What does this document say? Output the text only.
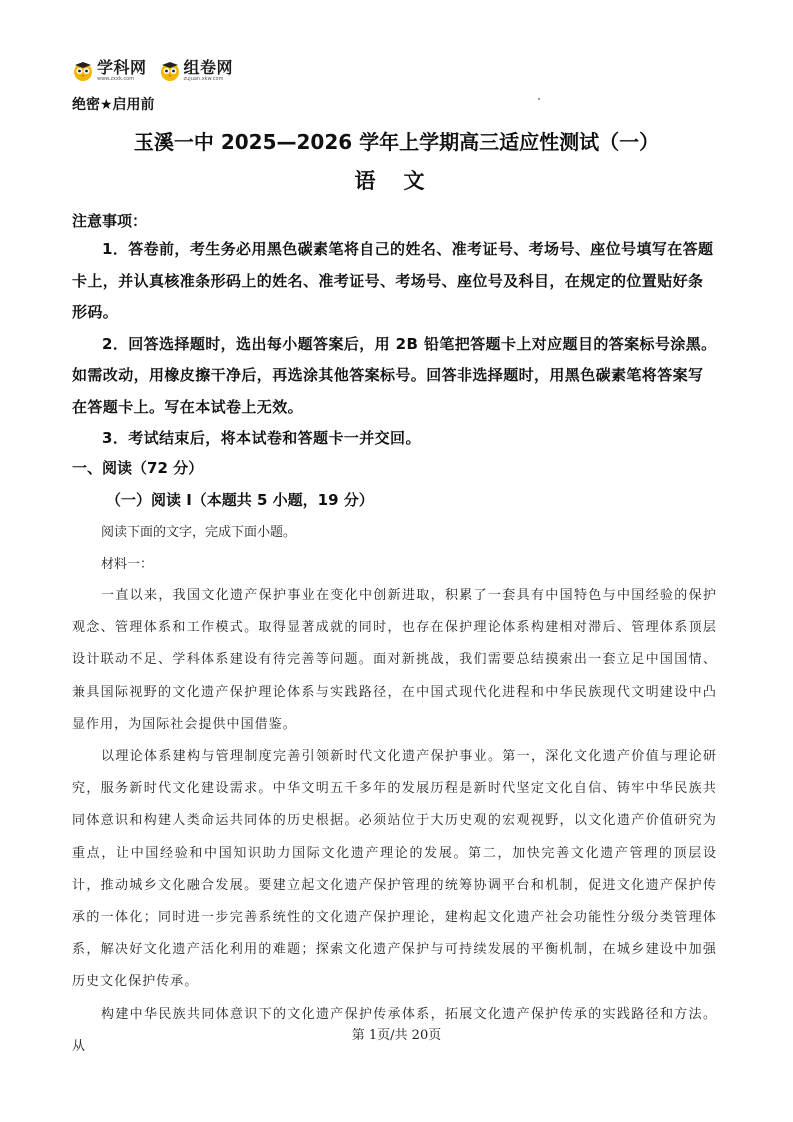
学科网
www.zxxk.com
组卷网
zujuan.xkw.com
绝密★启用前
玉溪一中 2025—2026 学年上学期高三适应性测试（一）
语文
注意事项：

1．答卷前，考生务必用黑色碳素笔将自己的姓名、准考证号、考场号、座位号填写在答题卡上，并认真核准条形码上的姓名、准考证号、考场号、座位号及科目，在规定的位置贴好条形码。

2．回答选择题时，选出每小题答案后，用 2B 铅笔把答题卡上对应题目的答案标号涂黑。如需改动，用橡皮擦干净后，再选涂其他答案标号。回答非选择题时，用黑色碳素笔将答案写在答题卡上。写在本试卷上无效。

3．考试结束后，将本试卷和答题卡一并交回。

一、阅读（72 分）
（一）阅读 I（本题共 5 小题，19 分）
阅读下面的文字，完成下面小题。
材料一：

一直以来，我国文化遗产保护事业在变化中创新进取，积累了一套具有中国特色与中国经验的保护观念、管理体系和工作模式。取得显著成就的同时，也存在保护理论体系构建相对滞后、管理体系顶层设计联动不足、学科体系建设有待完善等问题。面对新挑战，我们需要总结摸索出一套立足中国国情、兼具国际视野的文化遗产保护理论体系与实践路径，在中国式现代化进程和中华民族现代文明建设中凸显作用，为国际社会提供中国借鉴。

以理论体系建构与管理制度完善引领新时代文化遗产保护事业。第一，深化文化遗产价值与理论研究，服务新时代文化建设需求。中华文明五千多年的发展历程是新时代坚定文化自信、铸牢中华民族共同体意识和构建人类命运共同体的历史根据。必须站位于大历史观的宏观视野，以文化遗产价值研究为重点，让中国经验和中国知识助力国际文化遗产理论的发展。第二，加快完善文化遗产管理的顶层设计，推动城乡文化融合发展。要建立起文化遗产保护管理的统筹协调平台和机制，促进文化遗产保护传承的一体化；同时进一步完善系统性的文化遗产保护理论，建构起文化遗产社会功能性分级分类管理体系，解决好文化遗产活化利用的难题；探索文化遗产保护与可持续发展的平衡机制，在城乡建设中加强历史文化保护传承。

构建中华民族共同体意识下的文化遗产保护传承体系，拓展文化遗产保护传承的实践路径和方法。从

第 1页/共 20页
